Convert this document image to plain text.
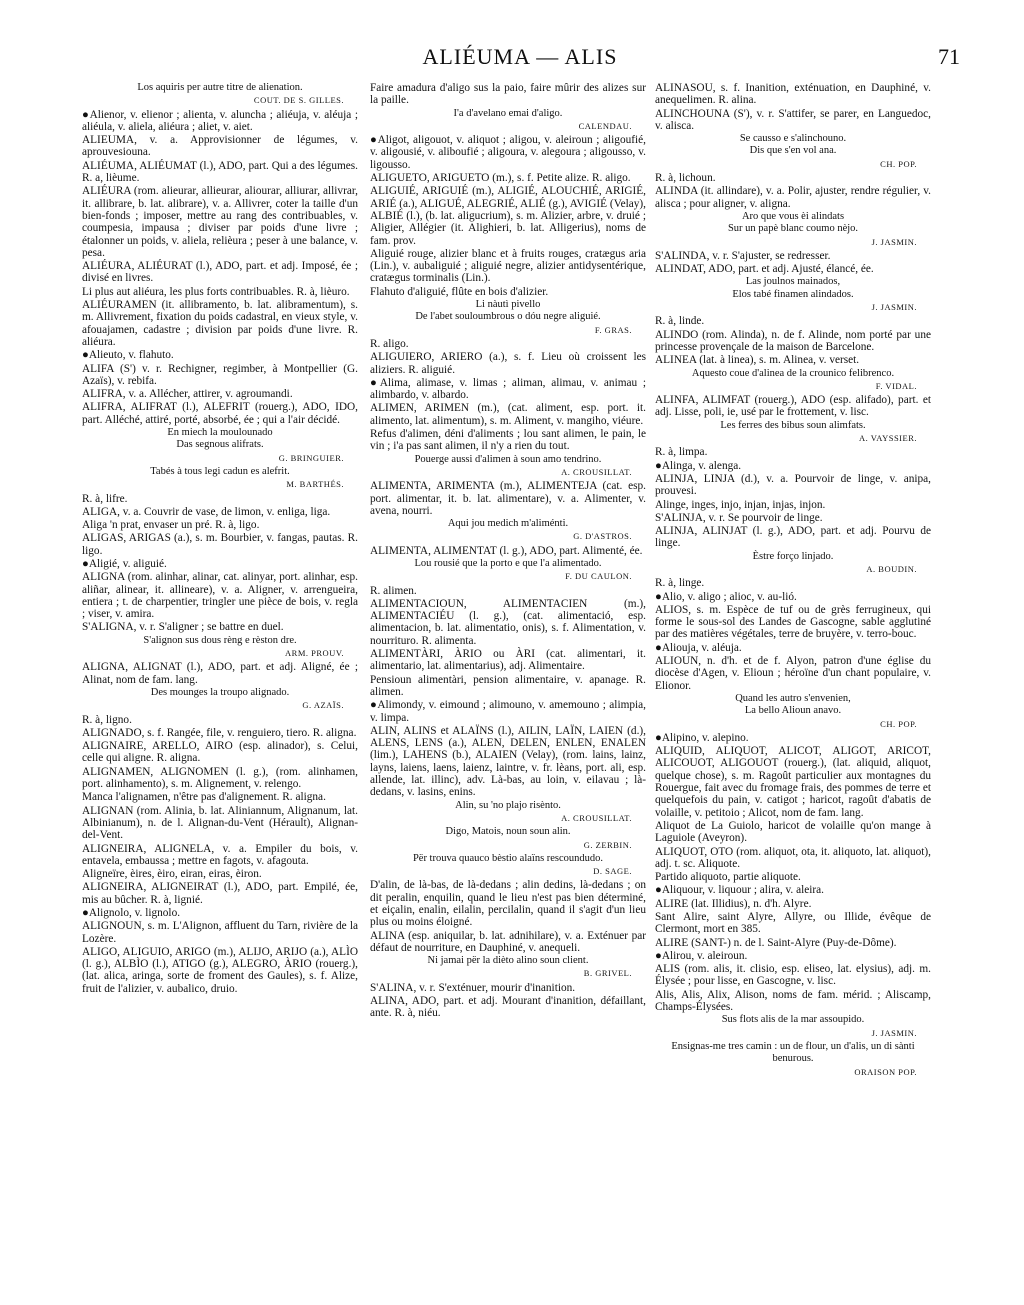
ALIÉUMA — ALIS	71

Los aquiris per autre titre de alienation.

COUT. DE S. GILLES.

●Alienor, v. elienor ; alienta, v. aluncha ; aliéuja, v. aléuja ; aliéula, v. aliela, aliéura ; aliet, v. aiet.

ALIEUMA, v. a. Approvisionner de légumes, v. aprouvesiouna.

ALIÉUMA, ALIÉUMAT (l.), ADO, part. Qui a des légumes. R. a, lièume.

ALIÉURA (rom. alieurar, allieurar, aliourar, alliurar, allivrar, it. allibrare, b. lat. alibrare), v. a. Allivrer, coter la taille d'un bien-fonds ; imposer, mettre au rang des contribuables, v. coumpesia, impausa ; diviser par poids d'une livre ; étalonner un poids, v. aliela, relièura ; peser à une balance, v. pesa.

ALIÉURA, ALIÉURAT (l.), ADO, part. et adj. Imposé, ée ; divisé en livres.

Li plus aut aliéura, les plus forts contribuables. R. à, lièuro.

ALIÉURAMEN (it. allibramento, b. lat. alibramentum), s. m. Allivrement, fixation du poids cadastral, en vieux style, v. afouajamen, cadastre ; division par poids d'une livre. R. aliéura.

●Alieuto, v. flahuto.

ALIFA (S') v. r. Rechigner, regimber, à Montpellier (G. Azaïs), v. rebifa.

ALIFRA, v. a. Allécher, attirer, v. agroumandi.

ALIFRA, ALIFRAT (l.), ALEFRIT (rouerg.), ADO, IDO, part. Alléché, attiré, porté, absorbé, ée ; qui a l'air décidé.

En miech la moulounado

Das segnous alifrats.

G. BRINGUIER.

Tabés à tous legi cadun es alefrit.

M. BARTHÉS.

R. à, lifre.

ALIGA, v. a. Couvrir de vase, de limon, v. enliga, liga.

Aliga 'n prat, envaser un pré. R. à, ligo.

ALIGAS, ARIGAS (a.), s. m. Bourbier, v. fangas, pautas. R. ligo.

●Aligié, v. aliguié.

ALIGNA (rom. alinhar, alinar, cat. alinyar, port. alinhar, esp. aliñar, alinear, it. allineare), v. a. Aligner, v. arrengueira, entiera ; t. de charpentier, tringler une pièce de bois, v. regla ; viser, v. amira.

S'ALIGNA, v. r. S'aligner ; se battre en duel.

S'alignon sus dous rèng e rèston dre.

ARM. PROUV.

ALIGNA, ALIGNAT (l.), ADO, part. et adj. Aligné, ée ; Alinat, nom de fam. lang.

Des mounges la troupo alignado.

G. AZAÏS.

R. à, ligno.

ALIGNADO, s. f. Rangée, file, v. renguiero, tiero. R. aligna.

ALIGNAIRE, ARELLO, AIRO (esp. alinador), s. Celui, celle qui aligne. R. aligna.

ALIGNAMEN, ALIGNOMEN (l. g.), (rom. alinhamen, port. alinhamento), s. m. Alignement, v. relengo.

Manca l'alignamen, n'être pas d'alignement. R. aligna.

ALIGNAN (rom. Alinia, b. lat. Aliniannum, Alignanum, lat. Albinianum), n. de l. Alignan-du-Vent (Hérault), Alignan-del-Vent.

ALIGNEIRA, ALIGNELA, v. a. Empiler du bois, v. entavela, embaussa ; mettre en fagots, v. afagouta.

Aligneïre, èires, èiro, eiran, eiras, èiron.

ALIGNEIRA, ALIGNEIRAT (l.), ADO, part. Empilé, ée, mis au bûcher. R. à, lignié.

●Alignolo, v. lignolo.

ALIGNOUN, s. m. L'Alignon, affluent du Tarn, rivière de la Lozère.

ALIGO, ALIGUIO, ARIGO (m.), ALIJO, ARIJO (a.), ALÌO (l. g.), ALBÌO (l.), ATIGO (g.), ALEGRO, ÀRIO (rouerg.), (lat. alica, aringa, sorte de froment des Gaules), s. f. Alize, fruit de l'alizier, v. aubalico, druio.

Faire amadura d'aligo sus la paio, faire mûrir des alizes sur la paille.

I'a d'avelano emai d'aligo.

CALENDAU.

●Aligot, aligouot, v. aliquot ; aligou, v. aleiroun ; aligoufié, v. aligousié, v. aliboufié ; aligoura, v. alegoura ; aligousso, v. ligousso.

ALIGUETO, ARIGUETO (m.), s. f. Petite alize. R. aligo.

ALIGUIÉ, ARIGUIÉ (m.), ALIGIÉ, ALOUCHIÉ, ARIGIÉ, ARIÉ (a.), ALIGUÉ, ALEGRIÉ, ALIÉ (g.), AVIGIÉ (Velay), ALBIÉ (l.), (b. lat. aligucrium), s. m. Alizier, arbre, v. druié ; Aligier, Allégier (it. Alighieri, b. lat. Alligerius), noms de fam. prov.

Aliguié rouge, alizier blanc et à fruits rouges, cratægus aria (Lin.), v. aubaliguié ; aliguié negre, alizier antidysentérique, cratægus torminalis (Lin.).

Flahuto d'aliguié, flûte en bois d'alizier.

Li nàutì pivello

De l'abet souloumbrous o dóu negre aliguié.

F. GRAS.

R. aligo.

ALIGUIERO, ARIERO (a.), s. f. Lieu où croissent les aliziers. R. aliguié.

●Alima, alimase, v. limas ; aliman, alimau, v. animau ; alimbardo, v. albardo.

ALIMEN, ARIMEN (m.), (cat. aliment, esp. port. it. alimento, lat. alimentum), s. m. Aliment, v. mangiho, viéure.

Refus d'alimen, déni d'aliments ; lou sant alimen, le pain, le vin ; i'a pas sant alimen, il n'y a rien du tout.

Pouerge aussi d'alimen à soun amo tendrino.

A. CROUSILLAT.

ALIMENTA, ARIMENTA (m.), ALIMENTEJA (cat. esp. port. alimentar, it. b. lat. alimentare), v. a. Alimenter, v. avena, nourri.

Aqui jou medich m'aliménti.

G. D'ASTROS.

ALIMENTA, ALIMENTAT (l. g.), ADO, part. Alimenté, ée.

Lou rousié que la porto e que l'a alimentado.

F. DU CAULON.

R. alimen.

ALIMENTACIOUN, ALIMENTACIEN (m.), ALIMENTACIÉU (l. g.), (cat. alimentació, esp. alimentacion, b. lat. alimentatio, onis), s. f. Alimentation, v. nourrituro. R. alimenta.

ALIMENTÀRI, ÀRIO ou ÀRI (cat. alimentari, it. alimentario, lat. alimentarius), adj. Alimentaire.

Pensioun alimentàri, pension alimentaire, v. apanage. R. alimen.

●Alimondy, v. eimound ; alimouno, v. amemouno ; alimpia, v. limpa.

ALIN, ALINS et ALAÏNS (l.), AILIN, LAÏN, LAIEN (d.), ALENS, LENS (a.), ALEN, DELEN, ENLEN, ENALEN (lim.), LAHENS (b.), ALAIEN (Velay), (rom. lains, lainz, layns, laiens, laens, laienz, laintre, v. fr. lèans, port. ali, esp. allende, lat. illinc), adv. Là-bas, au loin, v. eilavau ; là-dedans, v. lasins, enins.

Alin, su 'no plajo risènto.

A. CROUSILLAT.

Digo, Matois, noun soun alin.

G. ZERBIN.

Për trouva quauco bèstio alaïns rescoundudo.

D. SAGE.

D'alin, de là-bas, de là-dedans ; alin dedins, là-dedans ; on dit peralin, enquilin, quand le lieu n'est pas bien déterminé, et eiçalin, enalin, eilalin, percilalin, quand il s'agit d'un lieu plus ou moins éloigné.

ALINA (esp. aniquilar, b. lat. adnihilare), v. a. Exténuer par défaut de nourriture, en Dauphiné, v. anequeli.

Ni jamai për la dièto alino soun client.

B. GRIVEL.

S'ALINA, v. r. S'exténuer, mourir d'inanition.

ALINA, ADO, part. et adj. Mourant d'inanition, défaillant, ante. R. à, niéu.

ALINASOU, s. f. Inanition, exténuation, en Dauphiné, v. anequelimen. R. alina.

ALINCHOUNA (S'), v. r. S'attifer, se parer, en Languedoc, v. alisca.

Se causso e s'alinchouno.

Dis que s'en vol ana.

CH. POP.

R. à, lichoun.

ALINDA (it. allindare), v. a. Polir, ajuster, rendre régulier, v. alisca ; pour aligner, v. aligna.

Aro que vous èi alindats

Sur un papè blanc coumo nèjo.

J. JASMIN.

S'ALINDA, v. r. S'ajuster, se redresser.

ALINDAT, ADO, part. et adj. Ajusté, élancé, ée.

Las joulnos mainados,

Elos tabé finamen alindados.

J. JASMIN.

R. à, linde.

ALINDO (rom. Alinda), n. de f. Alinde, nom porté par une princesse provençale de la maison de Barcelone.

ALINEA (lat. à linea), s. m. Alinea, v. verset.

Aquesto coue d'alinea de la crounico felibrenco.

F. VIDAL.

ALINFA, ALIMFAT (rouerg.), ADO (esp. alifado), part. et adj. Lisse, poli, ie, usé par le frottement, v. lisc.

Les ferres des bibus soun alimfats.

A. VAYSSIER.

R. à, limpa.

●Alinga, v. alenga.

ALINJA, LINJA (d.), v. a. Pourvoir de linge, v. anipa, prouvesi.

Alinge, inges, injo, injan, injas, injon.

S'ALINJA, v. r. Se pourvoir de linge.

ALINJA, ALINJAT (l. g.), ADO, part. et adj. Pourvu de linge.

Èstre forço linjado.

A. BOUDIN.

R. à, linge.

●Alio, v. aligo ; alioc, v. au-lió.

ALIOS, s. m. Espèce de tuf ou de grès ferrugineux, qui forme le sous-sol des Landes de Gascogne, sable agglutiné par des matières végétales, terre de bruyère, v. terro-bouc.

●Aliouja, v. aléuja.

ALIOUN, n. d'h. et de f. Alyon, patron d'une église du diocèse d'Agen, v. Elioun ; héroïne d'un chant populaire, v. Elionor.

Quand les autro s'envenien,

La bello Alioun anavo.

CH. POP.

●Alipino, v. alepino.

ALIQUID, ALIQUOT, ALICOT, ALIGOT, ARICOT, ALICOUOT, ALIGOUOT (rouerg.), (lat. aliquid, aliquot, quelque chose), s. m. Ragoût particulier aux montagnes du Rouergue, fait avec du fromage frais, des pommes de terre et quelquefois du pain, v. catigot ; haricot, ragoût d'abatis de volaille, v. petitoio ; Alicot, nom de fam. lang.

Aliquot de La Guiolo, haricot de volaille qu'on mange à Laguiole (Aveyron).

ALIQUOT, OTO (rom. aliquot, ota, it. aliquoto, lat. aliquot), adj. t. sc. Aliquote.

Partido aliquoto, partie aliquote.

●Aliquour, v. liquour ; alira, v. aleira.

ALIRE (lat. Illidius), n. d'h. Alyre.

Sant Alire, saint Alyre, Allyre, ou Illide, évêque de Clermont, mort en 385.

ALIRE (SANT-) n. de l. Saint-Alyre (Puy-de-Dôme).

●Alirou, v. aleiroun.

ALIS (rom. alis, it. clisio, esp. eliseo, lat. elysius), adj. m. Élysée ; pour lisse, en Gascogne, v. lisc.

Alis, Alis, Alix, Alison, noms de fam. mérid. ; Aliscamp, Champs-Élysées.

Sus flots alis de la mar assoupido.

J. JASMIN.

Ensignas-me tres camin : un de flour, un d'alis, un di sànti benurous.

ORAISON POP.
